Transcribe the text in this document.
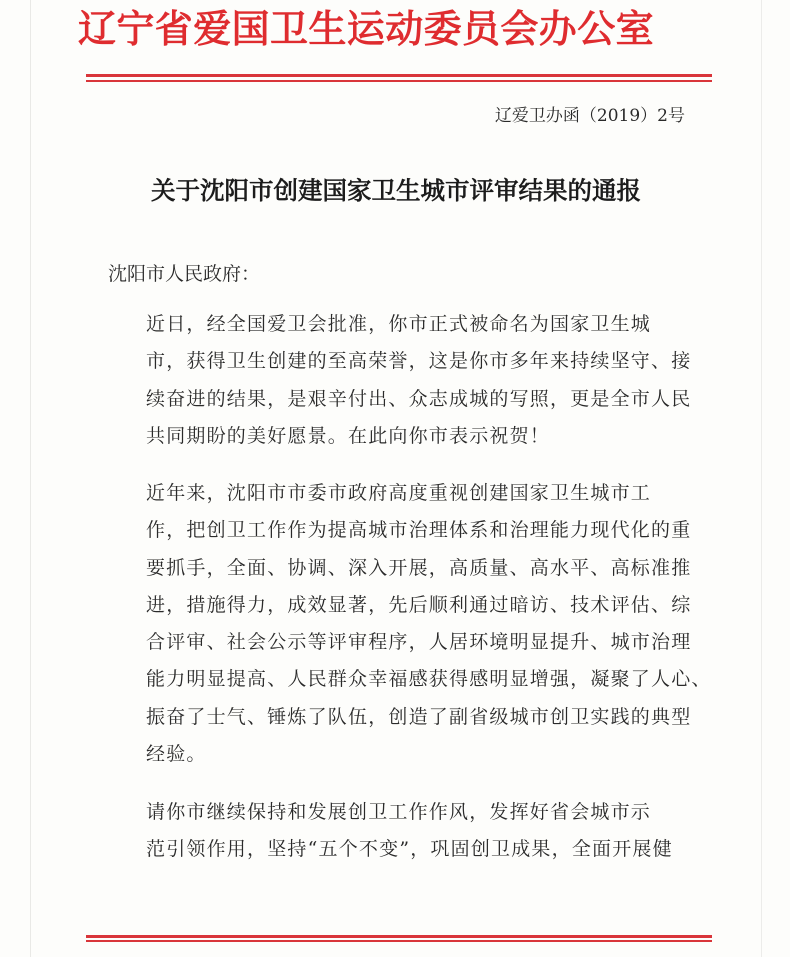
辽宁省爱国卫生运动委员会办公室
辽爱卫办函（2019）2号
关于沈阳市创建国家卫生城市评审结果的通报
沈阳市人民政府：
近日，经全国爱卫会批准，你市正式被命名为国家卫生城
市，获得卫生创建的至高荣誉，这是你市多年来持续坚守、接
续奋进的结果，是艰辛付出、众志成城的写照，更是全市人民
共同期盼的美好愿景。在此向你市表示祝贺！
近年来，沈阳市市委市政府高度重视创建国家卫生城市工
作，把创卫工作作为提高城市治理体系和治理能力现代化的重
要抓手，全面、协调、深入开展，高质量、高水平、高标准推
进，措施得力，成效显著，先后顺利通过暗访、技术评估、综
合评审、社会公示等评审程序，人居环境明显提升、城市治理
能力明显提高、人民群众幸福感获得感明显增强，凝聚了人心、
振奋了士气、锤炼了队伍，创造了副省级城市创卫实践的典型
经验。
请你市继续保持和发展创卫工作作风，发挥好省会城市示
范引领作用，坚持“五个不变”，巩固创卫成果，全面开展健
